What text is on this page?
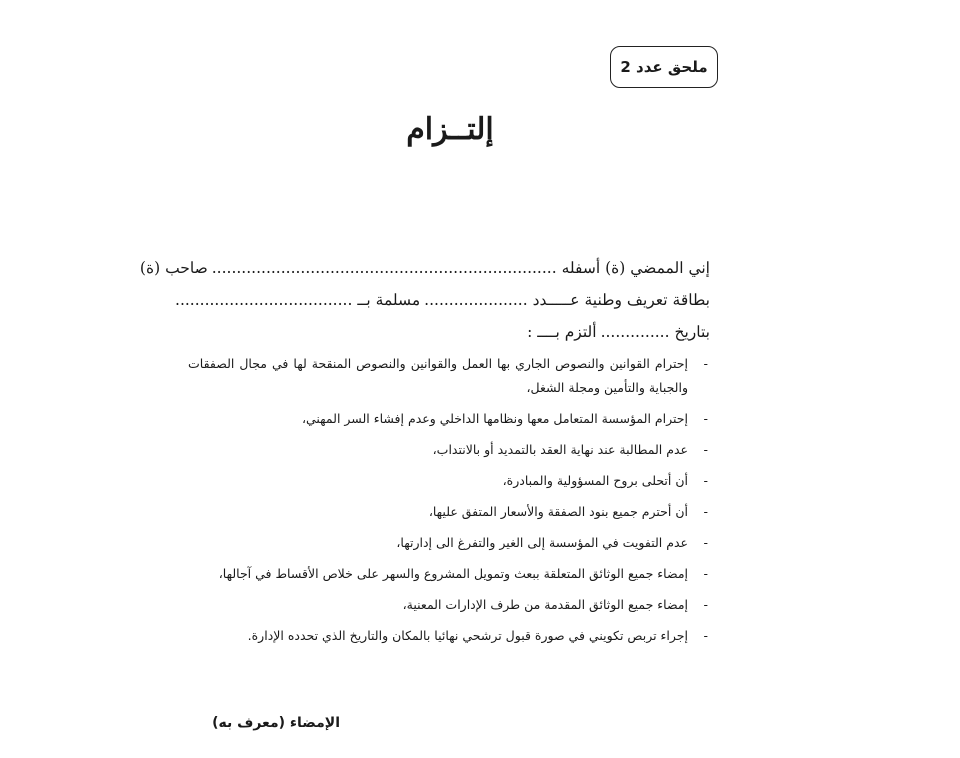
ملحق عدد 2
إلتــزام
إني الممضي (ة) أسفله ......................................................................
صاحب (ة)
بطاقة تعريف وطنية عـــــدد .....................
مسلمة بــ ....................................
بتاريخ ..............
ألتزم بــــ :
- إحترام القوانين والنصوص الجاري بها العمل والقوانين والنصوص المنقحة لها في مجال الصفقات والجباية والتأمين ومجلة الشغل،
- إحترام المؤسسة المتعامل معها ونظامها الداخلي وعدم إفشاء السر المهني،
- عدم المطالبة عند نهاية العقد بالتمديد أو بالانتداب،
- أن أتحلى بروح المسؤولية والمبادرة،
- أن أحترم جميع بنود الصفقة والأسعار المتفق عليها،
- عدم التفويت في المؤسسة إلى الغير والتفرغ الى إدارتها،
- إمضاء جميع الوثائق المتعلقة ببعث وتمويل المشروع والسهر على خلاص الأقساط في آجالها،
- إمضاء جميع الوثائق المقدمة من طرف الإدارات المعنية،
- إجراء تربص تكويني في صورة قبول ترشحي نهائيا بالمكان والتاريخ الذي تحدده الإدارة.
الإمضاء (معرف به)
